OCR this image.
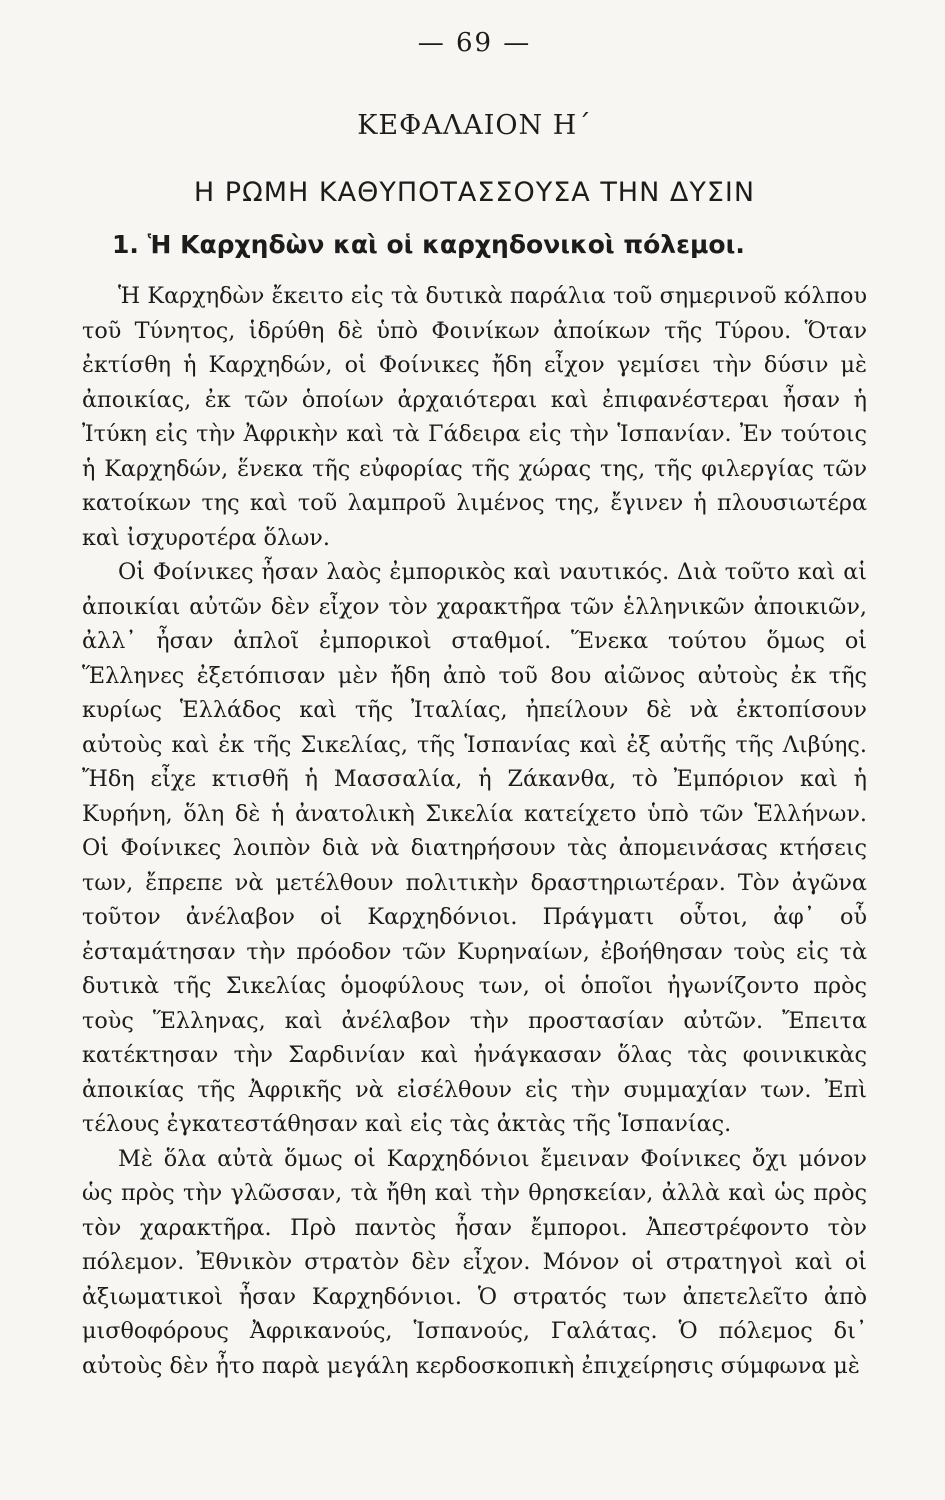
— 69 —
ΚΕΦΑΛΑΙΟΝ Η΄
Η ΡΩΜΗ ΚΑΘΥΠΟΤΑΣΣΟΥΣΑ ΤΗΝ ΔΥΣΙΝ
1. Ἡ Καρχηδὼν καὶ οἱ καρχηδονικοὶ πόλεμοι.

Ἡ Καρχηδὼν ἔκειτο εἰς τὰ δυτικὰ παράλια τοῦ σημερινοῦ κόλπου τοῦ Τύνητος, ἱδρύθη δὲ ὑπὸ Φοινίκων ἀποίκων τῆς Τύρου. Ὅταν ἐκτίσθη ἡ Καρχηδών, οἱ Φοίνικες ἤδη εἶχον γεμίσει τὴν δύσιν μὲ ἀποικίας, ἐκ τῶν ὁποίων ἀρχαιότεραι καὶ ἐπιφανέστεραι ἦσαν ἡ Ἰτύκη εἰς τὴν Ἀφρικὴν καὶ τὰ Γάδειρα εἰς τὴν Ἱσπανίαν. Ἐν τούτοις ἡ Καρχηδών, ἕνεκα τῆς εὐφορίας τῆς χώρας της, τῆς φιλεργίας τῶν κατοίκων της καὶ τοῦ λαμπροῦ λιμένος της, ἔγινεν ἡ πλουσιωτέρα καὶ ἰσχυροτέρα ὅλων.

Οἱ Φοίνικες ἦσαν λαὸς ἐμπορικὸς καὶ ναυτικός. Διὰ τοῦτο καὶ αἱ ἀποικίαι αὐτῶν δὲν εἶχον τὸν χαρακτῆρα τῶν ἑλληνικῶν ἀποικιῶν, ἀλλ᾽ ἦσαν ἁπλοῖ ἐμπορικοὶ σταθμοί. Ἕνεκα τούτου ὅμως οἱ Ἕλληνες ἐξετόπισαν μὲν ἤδη ἀπὸ τοῦ 8ου αἰῶνος αὐτοὺς ἐκ τῆς κυρίως Ἑλλάδος καὶ τῆς Ἰταλίας, ἠπείλουν δὲ νὰ ἐκτοπίσουν αὐτοὺς καὶ ἐκ τῆς Σικελίας, τῆς Ἱσπανίας καὶ ἐξ αὐτῆς τῆς Λιβύης. Ἤδη εἶχε κτισθῆ ἡ Μασσαλία, ἡ Ζάκανθα, τὸ Ἐμπόριον καὶ ἡ Κυρήνη, ὅλη δὲ ἡ ἀνατολικὴ Σικελία κατείχετο ὑπὸ τῶν Ἑλλήνων. Οἱ Φοίνικες λοιπὸν διὰ νὰ διατηρήσουν τὰς ἀπομεινάσας κτήσεις των, ἔπρεπε νὰ μετέλθουν πολιτικὴν δραστηριωτέραν. Τὸν ἀγῶνα τοῦτον ἀνέλαβον οἱ Καρχηδόνιοι. Πράγματι οὗτοι, ἀφ᾽ οὗ ἐσταμάτησαν τὴν πρόοδον τῶν Κυρηναίων, ἐβοήθησαν τοὺς εἰς τὰ δυτικὰ τῆς Σικελίας ὁμοφύλους των, οἱ ὁποῖοι ἠγωνίζοντο πρὸς τοὺς Ἕλληνας, καὶ ἀνέλαβον τὴν προστασίαν αὐτῶν. Ἔπειτα κατέκτησαν τὴν Σαρδινίαν καὶ ἠνάγκασαν ὅλας τὰς φοινικικὰς ἀποικίας τῆς Ἀφρικῆς νὰ εἰσέλθουν εἰς τὴν συμμαχίαν των. Ἐπὶ τέλους ἐγκατεστάθησαν καὶ εἰς τὰς ἀκτὰς τῆς Ἱσπανίας.

Μὲ ὅλα αὐτὰ ὅμως οἱ Καρχηδόνιοι ἔμειναν Φοίνικες ὄχι μόνον ὡς πρὸς τὴν γλῶσσαν, τὰ ἤθη καὶ τὴν θρησκείαν, ἀλλὰ καὶ ὡς πρὸς τὸν χαρακτῆρα. Πρὸ παντὸς ἦσαν ἔμποροι. Ἀπεστρέφοντο τὸν πόλεμον. Ἐθνικὸν στρατὸν δὲν εἶχον. Μόνον οἱ στρατηγοὶ καὶ οἱ ἀξιωματικοὶ ἦσαν Καρχηδόνιοι. Ὁ στρατός των ἀπετελεῖτο ἀπὸ μισθοφόρους Ἀφρικανούς, Ἱσπανούς, Γαλάτας. Ὁ πόλεμος δι᾽ αὐτοὺς δὲν ἦτο παρὰ μεγάλη κερδοσκοπικὴ ἐπιχείρησις σύμφωνα μὲ
